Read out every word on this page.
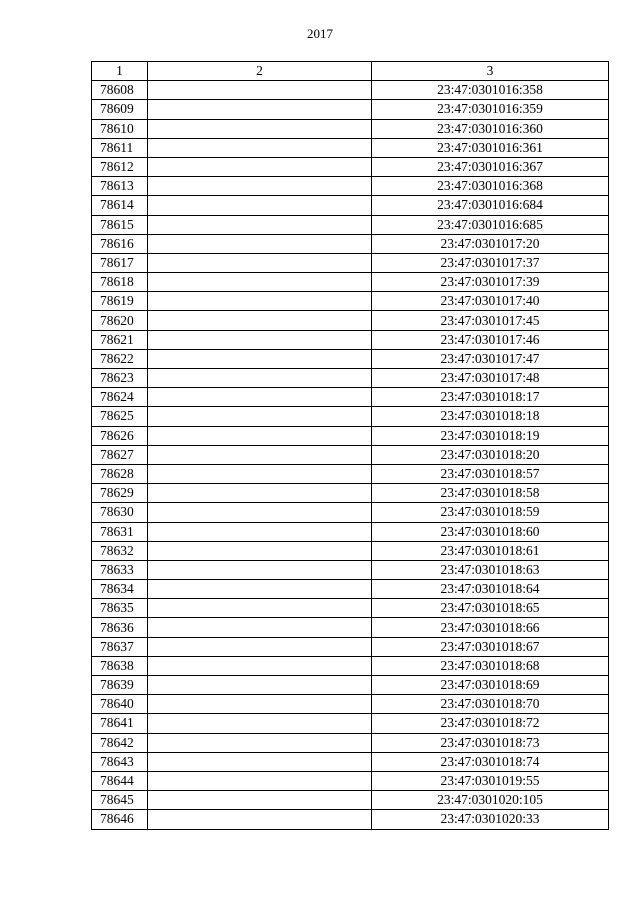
2017
1	2	3
78608		23:47:0301016:358
78609		23:47:0301016:359
78610		23:47:0301016:360
78611		23:47:0301016:361
78612		23:47:0301016:367
78613		23:47:0301016:368
78614		23:47:0301016:684
78615		23:47:0301016:685
78616		23:47:0301017:20
78617		23:47:0301017:37
78618		23:47:0301017:39
78619		23:47:0301017:40
78620		23:47:0301017:45
78621		23:47:0301017:46
78622		23:47:0301017:47
78623		23:47:0301017:48
78624		23:47:0301018:17
78625		23:47:0301018:18
78626		23:47:0301018:19
78627		23:47:0301018:20
78628		23:47:0301018:57
78629		23:47:0301018:58
78630		23:47:0301018:59
78631		23:47:0301018:60
78632		23:47:0301018:61
78633		23:47:0301018:63
78634		23:47:0301018:64
78635		23:47:0301018:65
78636		23:47:0301018:66
78637		23:47:0301018:67
78638		23:47:0301018:68
78639		23:47:0301018:69
78640		23:47:0301018:70
78641		23:47:0301018:72
78642		23:47:0301018:73
78643		23:47:0301018:74
78644		23:47:0301019:55
78645		23:47:0301020:105
78646		23:47:0301020:33
